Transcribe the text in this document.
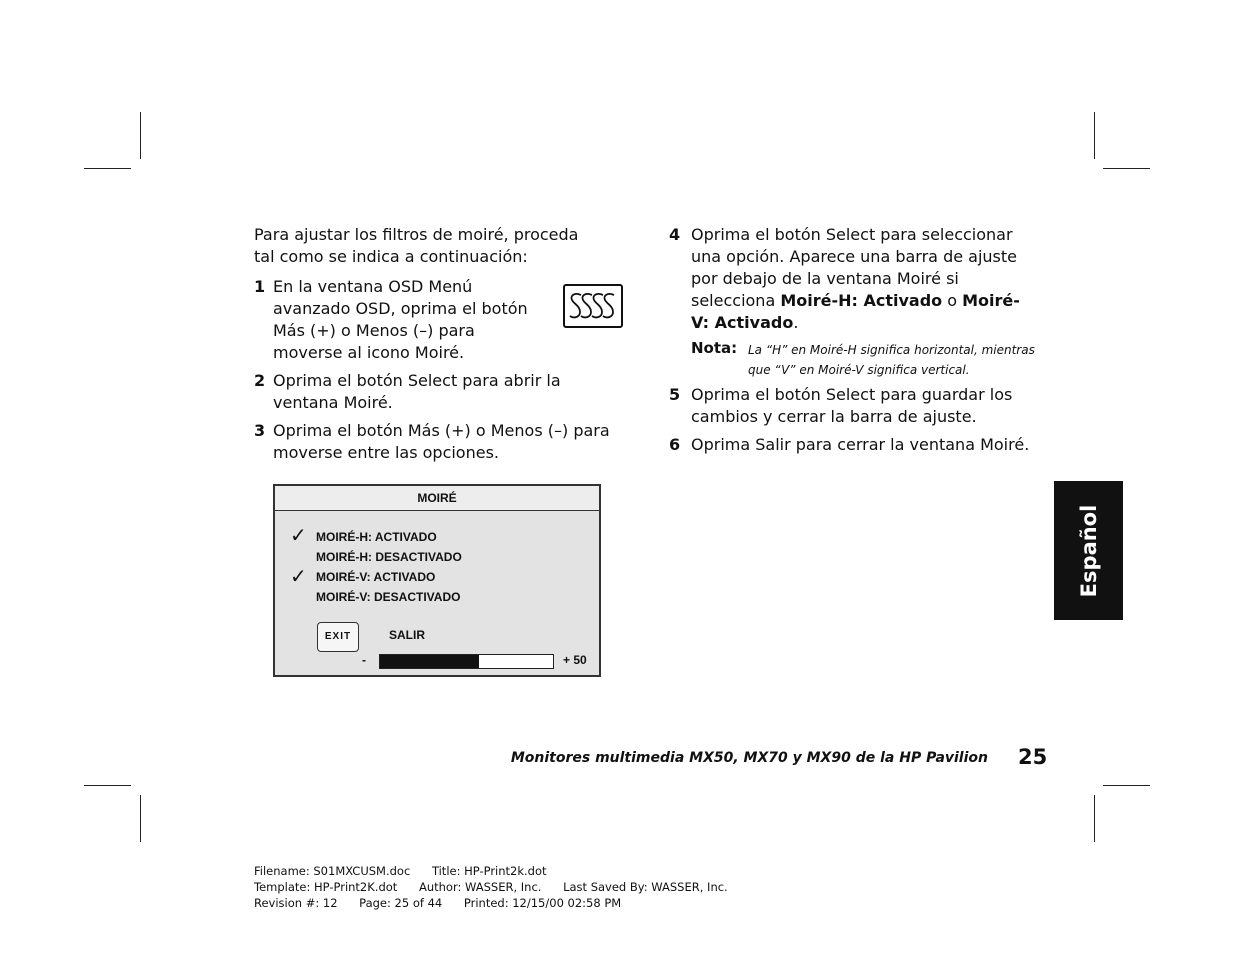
Para ajustar los filtros de moiré, proceda tal como se indica a continuación:

1 En la ventana OSD Menú avanzado OSD, oprima el botón Más (+) o Menos (–) para moverse al icono Moiré.
2 Oprima el botón Select para abrir la ventana Moiré.
3 Oprima el botón Más (+) o Menos (–) para moverse entre las opciones.
MOIRÉ
✓ MOIRÉ-H: ACTIVADO
MOIRÉ-H: DESACTIVADO
✓ MOIRÉ-V: ACTIVADO
MOIRÉ-V: DESACTIVADO
EXIT	SALIR
-	+ 50
4 Oprima el botón Select para seleccionar una opción. Aparece una barra de ajuste por debajo de la ventana Moiré si selecciona Moiré-H: Activado o Moiré-V: Activado.
Nota: La “H” en Moiré-H significa horizontal, mientras
que “V” en Moiré-V significa vertical.
5 Oprima el botón Select para guardar los cambios y cerrar la barra de ajuste.
6 Oprima Salir para cerrar la ventana Moiré.
Español
Monitores multimedia MX50, MX70 y MX90 de la HP Pavilion 25
Filename: S01MXCUSM.doc Title: HP-Print2k.dot
Template: HP-Print2K.dot Author: WASSER, Inc. Last Saved By: WASSER, Inc.
Revision #: 12 Page: 25 of 44 Printed: 12/15/00 02:58 PM
